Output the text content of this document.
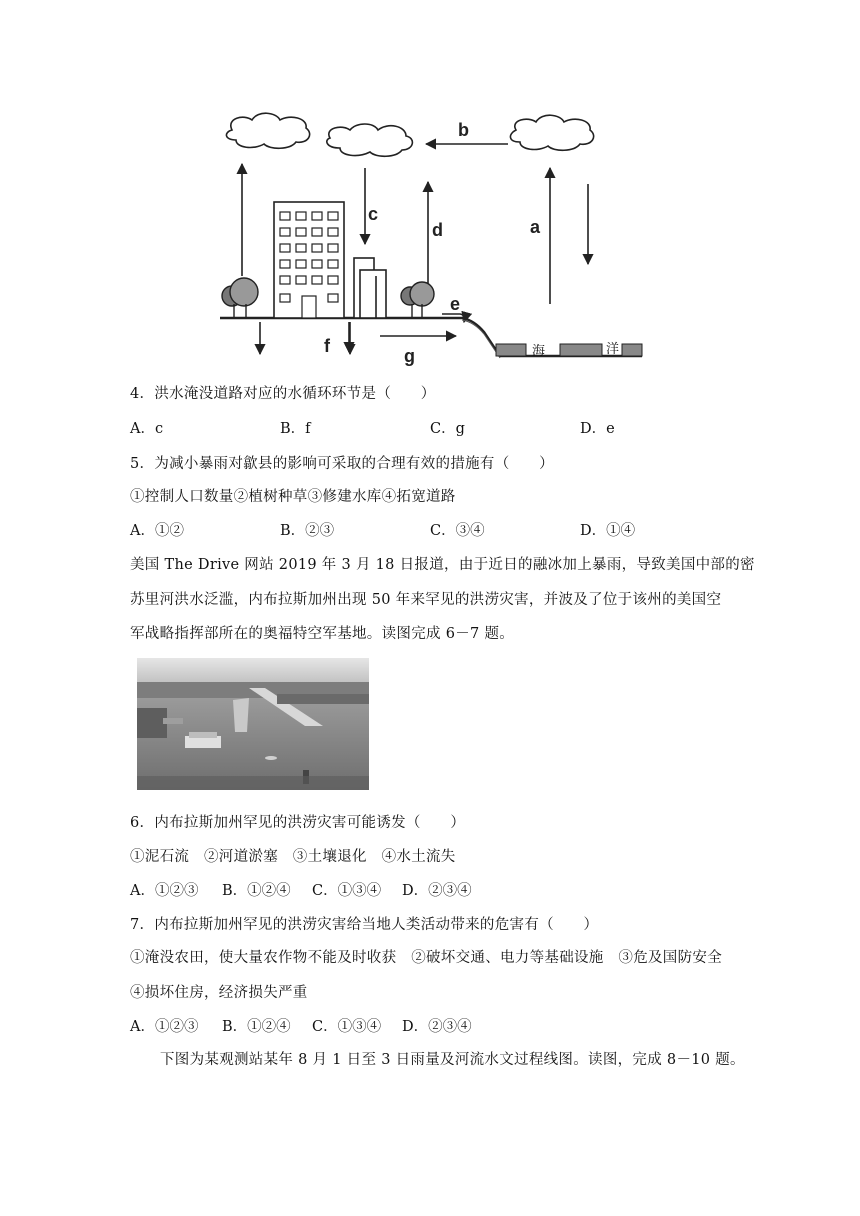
a
b
c
d
e
f	g	海	洋
4．洪水淹没道路对应的水循环环节是（　　）
A．c	B．f	C．g	D．e
5．为减小暴雨对歙县的影响可采取的合理有效的措施有（　　）
①控制人口数量②植树种草③修建水库④拓宽道路
A．①②	B．②③	C．③④	D．①④
美国 The Drive 网站 2019 年 3 月 18 日报道，由于近日的融冰加上暴雨，导致美国中部的密
苏里河洪水泛滥，内布拉斯加州出现 50 年来罕见的洪涝灾害，并波及了位于该州的美国空
军战略指挥部所在的奥福特空军基地。读图完成 6－7 题。
6．内布拉斯加州罕见的洪涝灾害可能诱发（　　）
①泥石流　②河道淤塞　③土壤退化　④水土流失
A．①②③ B．①②④ C．①③④ D．②③④
7．内布拉斯加州罕见的洪涝灾害给当地人类活动带来的危害有（　　）
①淹没农田，使大量农作物不能及时收获　②破坏交通、电力等基础设施　③危及国防安全
④损坏住房，经济损失严重
A．①②③ B．①②④ C．①③④ D．②③④
下图为某观测站某年 8 月 1 日至 3 日雨量及河流水文过程线图。读图，完成 8－10 题。
